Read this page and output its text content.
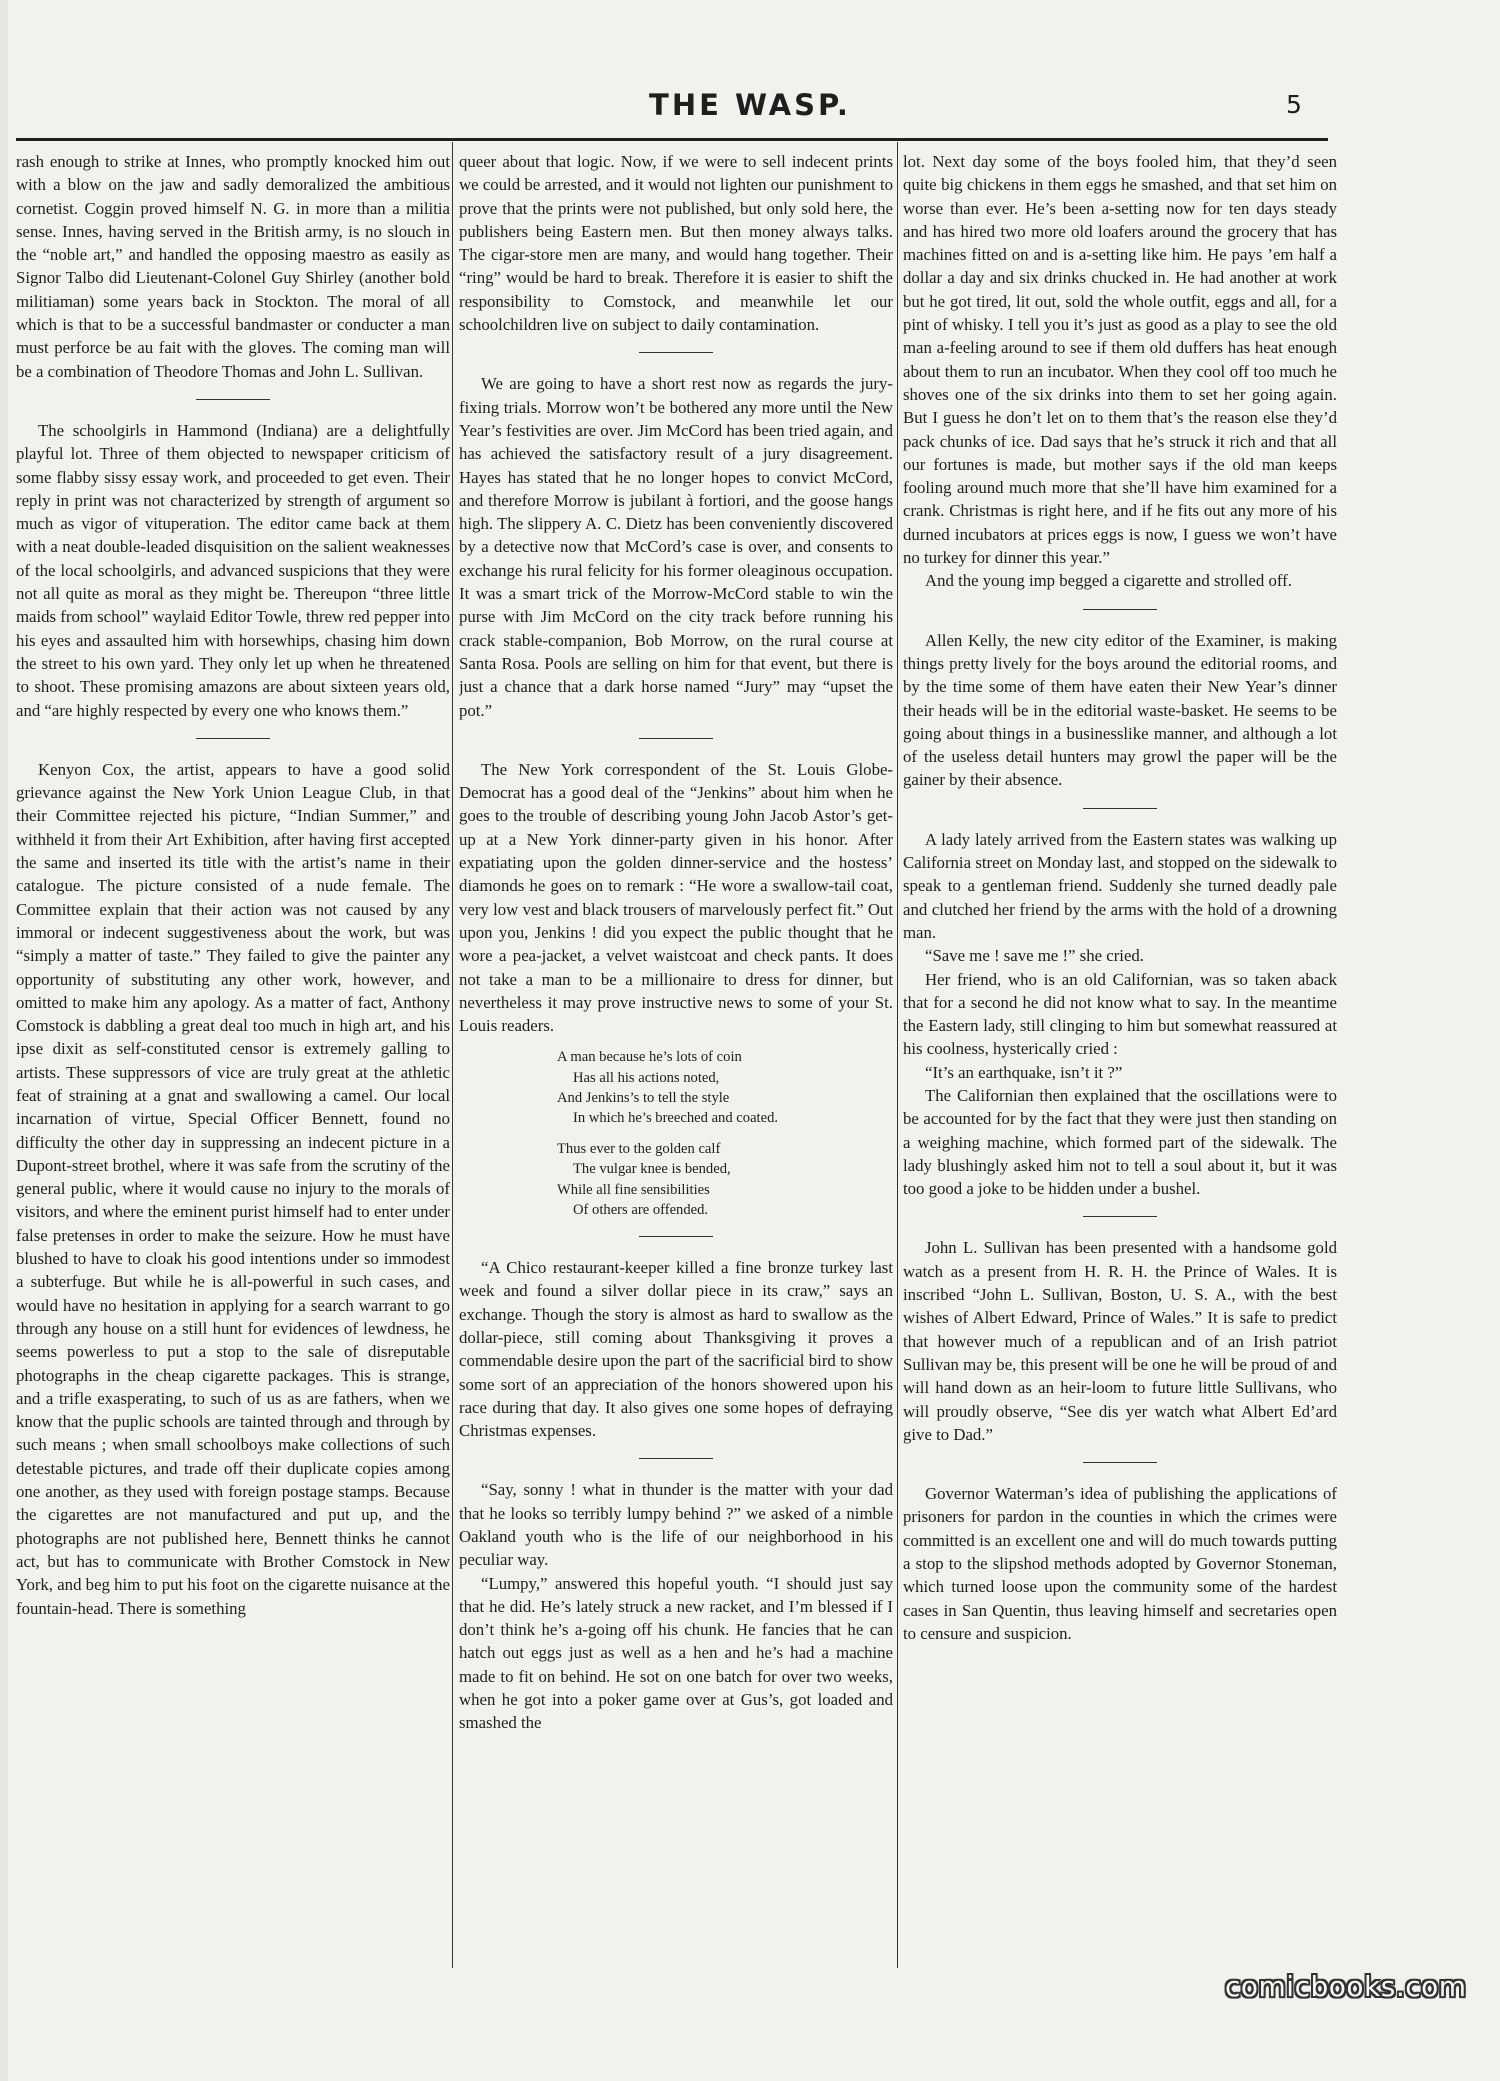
THE WASP.	5

rash enough to strike at Innes, who promptly knocked him out with a blow on the jaw and sadly demoralized the ambitious cornetist. Coggin proved himself N. G. in more than a militia sense. Innes, having served in the British army, is no slouch in the “noble art,” and handled the opposing maestro as easily as Signor Talbo did Lieutenant-Colonel Guy Shirley (another bold militiaman) some years back in Stockton. The moral of all which is that to be a successful bandmaster or conducter a man must perforce be au fait with the gloves. The coming man will be a combination of Theodore Thomas and John L. Sullivan.

The schoolgirls in Hammond (Indiana) are a delightfully playful lot. Three of them objected to newspaper criticism of some flabby sissy essay work, and proceeded to get even. Their reply in print was not characterized by strength of argument so much as vigor of vituperation. The editor came back at them with a neat double-leaded disquisition on the salient weaknesses of the local schoolgirls, and advanced suspicions that they were not all quite as moral as they might be. Thereupon “three little maids from school” waylaid Editor Towle, threw red pepper into his eyes and assaulted him with horsewhips, chasing him down the street to his own yard. They only let up when he threatened to shoot. These promising amazons are about sixteen years old, and “are highly respected by every one who knows them.”

Kenyon Cox, the artist, appears to have a good solid grievance against the New York Union League Club, in that their Committee rejected his picture, “Indian Summer,” and withheld it from their Art Exhibition, after having first accepted the same and inserted its title with the artist’s name in their catalogue. The picture consisted of a nude female. The Committee explain that their action was not caused by any immoral or indecent suggestiveness about the work, but was “simply a matter of taste.” They failed to give the painter any opportunity of substituting any other work, however, and omitted to make him any apology. As a matter of fact, Anthony Comstock is dabbling a great deal too much in high art, and his ipse dixit as self-constituted censor is extremely galling to artists. These suppressors of vice are truly great at the athletic feat of straining at a gnat and swallowing a camel. Our local incarnation of virtue, Special Officer Bennett, found no difficulty the other day in suppressing an indecent picture in a Dupont-street brothel, where it was safe from the scrutiny of the general public, where it would cause no injury to the morals of visitors, and where the eminent purist himself had to enter under false pretenses in order to make the seizure. How he must have blushed to have to cloak his good intentions under so immodest a subterfuge. But while he is all-powerful in such cases, and would have no hesitation in applying for a search warrant to go through any house on a still hunt for evidences of lewdness, he seems powerless to put a stop to the sale of disreputable photographs in the cheap cigarette packages. This is strange, and a trifle exasperating, to such of us as are fathers, when we know that the puplic schools are tainted through and through by such means ; when small schoolboys make collections of such detestable pictures, and trade off their duplicate copies among one another, as they used with foreign postage stamps. Because the cigarettes are not manufactured and put up, and the photographs are not published here, Bennett thinks he cannot act, but has to communicate with Brother Comstock in New York, and beg him to put his foot on the cigarette nuisance at the fountain-head. There is something

queer about that logic. Now, if we were to sell indecent prints we could be arrested, and it would not lighten our punishment to prove that the prints were not published, but only sold here, the publishers being Eastern men. But then money always talks. The cigar-store men are many, and would hang together. Their “ring” would be hard to break. Therefore it is easier to shift the responsibility to Comstock, and meanwhile let our schoolchildren live on subject to daily contamination.

We are going to have a short rest now as regards the jury-fixing trials. Morrow won’t be bothered any more until the New Year’s festivities are over. Jim McCord has been tried again, and has achieved the satisfactory result of a jury disagreement. Hayes has stated that he no longer hopes to convict McCord, and therefore Morrow is jubilant à fortiori, and the goose hangs high. The slippery A. C. Dietz has been conveniently discovered by a detective now that McCord’s case is over, and consents to exchange his rural felicity for his former oleaginous occupation. It was a smart trick of the Morrow-McCord stable to win the purse with Jim McCord on the city track before running his crack stable-companion, Bob Morrow, on the rural course at Santa Rosa. Pools are selling on him for that event, but there is just a chance that a dark horse named “Jury” may “upset the pot.”

The New York correspondent of the St. Louis Globe-Democrat has a good deal of the “Jenkins” about him when he goes to the trouble of describing young John Jacob Astor’s get-up at a New York dinner-party given in his honor. After expatiating upon the golden dinner-service and the hostess’ diamonds he goes on to remark : “He wore a swallow-tail coat, very low vest and black trousers of marvelously perfect fit.” Out upon you, Jenkins ! did you expect the public thought that he wore a pea-jacket, a velvet waistcoat and check pants. It does not take a man to be a millionaire to dress for dinner, but nevertheless it may prove instructive news to some of your St. Louis readers.

A man because he’s lots of coin
Has all his actions noted,
And Jenkins’s to tell the style
In which he’s breeched and coated.
Thus ever to the golden calf
The vulgar knee is bended,
While all fine sensibilities
Of others are offended.

“A Chico restaurant-keeper killed a fine bronze turkey last week and found a silver dollar piece in its craw,” says an exchange. Though the story is almost as hard to swallow as the dollar-piece, still coming about Thanksgiving it proves a commendable desire upon the part of the sacrificial bird to show some sort of an appreciation of the honors showered upon his race during that day. It also gives one some hopes of defraying Christmas expenses.

“Say, sonny ! what in thunder is the matter with your dad that he looks so terribly lumpy behind ?” we asked of a nimble Oakland youth who is the life of our neighborhood in his peculiar way.

“Lumpy,” answered this hopeful youth. “I should just say that he did. He’s lately struck a new racket, and I’m blessed if I don’t think he’s a-going off his chunk. He fancies that he can hatch out eggs just as well as a hen and he’s had a machine made to fit on behind. He sot on one batch for over two weeks, when he got into a poker game over at Gus’s, got loaded and smashed the

lot. Next day some of the boys fooled him, that they’d seen quite big chickens in them eggs he smashed, and that set him on worse than ever. He’s been a-setting now for ten days steady and has hired two more old loafers around the grocery that has machines fitted on and is a-setting like him. He pays ’em half a dollar a day and six drinks chucked in. He had another at work but he got tired, lit out, sold the whole outfit, eggs and all, for a pint of whisky. I tell you it’s just as good as a play to see the old man a-feeling around to see if them old duffers has heat enough about them to run an incubator. When they cool off too much he shoves one of the six drinks into them to set her going again. But I guess he don’t let on to them that’s the reason else they’d pack chunks of ice. Dad says that he’s struck it rich and that all our fortunes is made, but mother says if the old man keeps fooling around much more that she’ll have him examined for a crank. Christmas is right here, and if he fits out any more of his durned incubators at prices eggs is now, I guess we won’t have no turkey for dinner this year.”

And the young imp begged a cigarette and strolled off.

Allen Kelly, the new city editor of the Examiner, is making things pretty lively for the boys around the editorial rooms, and by the time some of them have eaten their New Year’s dinner their heads will be in the editorial waste-basket. He seems to be going about things in a businesslike manner, and although a lot of the useless detail hunters may growl the paper will be the gainer by their absence.

A lady lately arrived from the Eastern states was walking up California street on Monday last, and stopped on the sidewalk to speak to a gentleman friend. Suddenly she turned deadly pale and clutched her friend by the arms with the hold of a drowning man.

“Save me ! save me !” she cried.

Her friend, who is an old Californian, was so taken aback that for a second he did not know what to say. In the meantime the Eastern lady, still clinging to him but somewhat reassured at his coolness, hysterically cried :

“It’s an earthquake, isn’t it ?”

The Californian then explained that the oscillations were to be accounted for by the fact that they were just then standing on a weighing machine, which formed part of the sidewalk. The lady blushingly asked him not to tell a soul about it, but it was too good a joke to be hidden under a bushel.

John L. Sullivan has been presented with a handsome gold watch as a present from H. R. H. the Prince of Wales. It is inscribed “John L. Sullivan, Boston, U. S. A., with the best wishes of Albert Edward, Prince of Wales.” It is safe to predict that however much of a republican and of an Irish patriot Sullivan may be, this present will be one he will be proud of and will hand down as an heir-loom to future little Sullivans, who will proudly observe, “See dis yer watch what Albert Ed’ard give to Dad.”

Governor Waterman’s idea of publishing the applications of prisoners for pardon in the counties in which the crimes were committed is an excellent one and will do much towards putting a stop to the slipshod methods adopted by Governor Stoneman, which turned loose upon the community some of the hardest cases in San Quentin, thus leaving himself and secretaries open to censure and suspicion.

comicbooks.com
